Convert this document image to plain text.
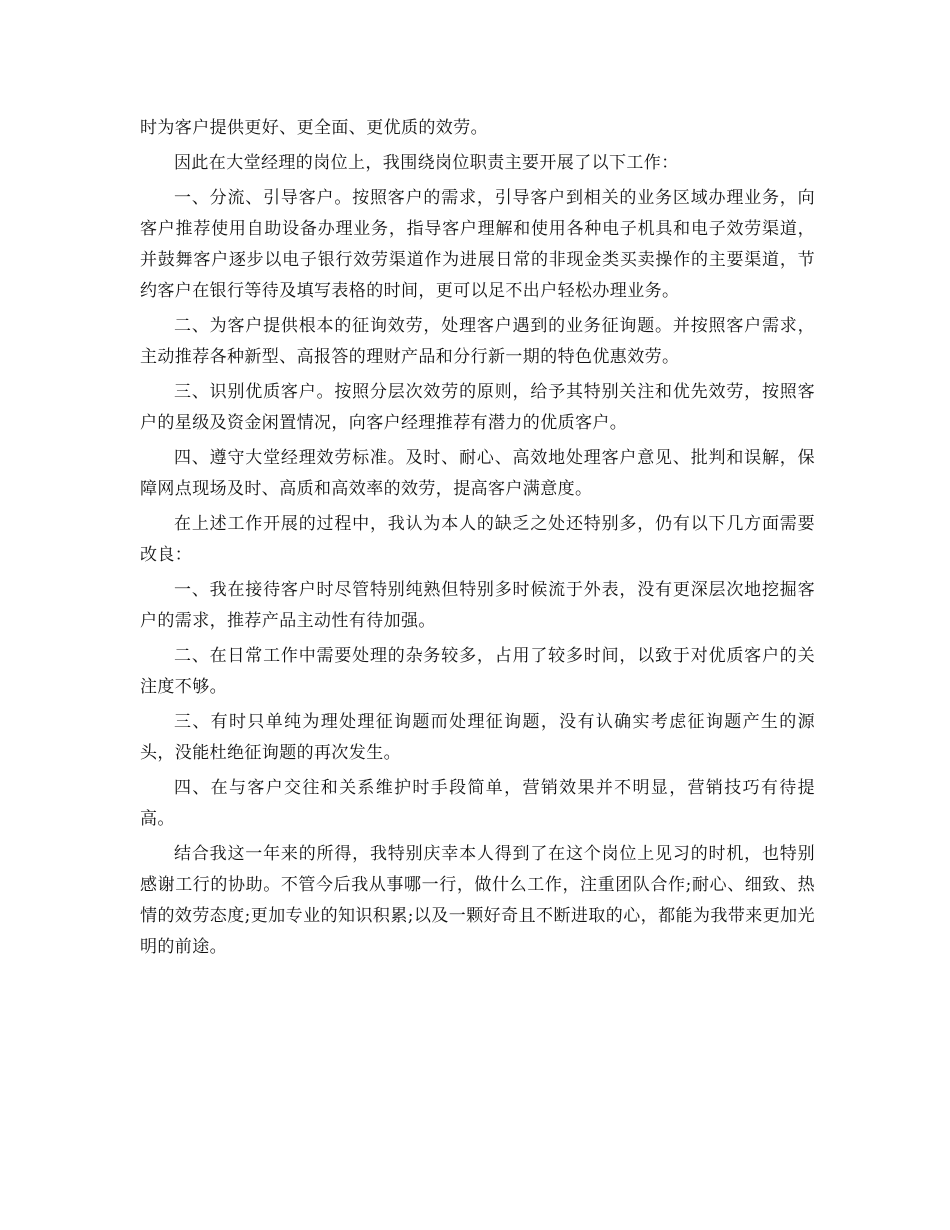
时为客户提供更好、更全面、更优质的效劳。

因此在大堂经理的岗位上，我围绕岗位职责主要开展了以下工作：

一、分流、引导客户。按照客户的需求，引导客户到相关的业务区域办理业务，向客户推荐使用自助设备办理业务，指导客户理解和使用各种电子机具和电子效劳渠道，并鼓舞客户逐步以电子银行效劳渠道作为进展日常的非现金类买卖操作的主要渠道，节约客户在银行等待及填写表格的时间，更可以足不出户轻松办理业务。

二、为客户提供根本的征询效劳，处理客户遇到的业务征询题。并按照客户需求，主动推荐各种新型、高报答的理财产品和分行新一期的特色优惠效劳。

三、识别优质客户。按照分层次效劳的原则，给予其特别关注和优先效劳，按照客户的星级及资金闲置情况，向客户经理推荐有潜力的优质客户。

四、遵守大堂经理效劳标准。及时、耐心、高效地处理客户意见、批判和误解，保障网点现场及时、高质和高效率的效劳，提高客户满意度。

在上述工作开展的过程中，我认为本人的缺乏之处还特别多，仍有以下几方面需要改良：

一、我在接待客户时尽管特别纯熟但特别多时候流于外表，没有更深层次地挖掘客户的需求，推荐产品主动性有待加强。

二、在日常工作中需要处理的杂务较多，占用了较多时间，以致于对优质客户的关注度不够。

三、有时只单纯为理处理征询题而处理征询题，没有认确实考虑征询题产生的源头，没能杜绝征询题的再次发生。

四、在与客户交往和关系维护时手段简单，营销效果并不明显，营销技巧有待提高。

结合我这一年来的所得，我特别庆幸本人得到了在这个岗位上见习的时机，也特别感谢工行的协助。不管今后我从事哪一行，做什么工作，注重团队合作;耐心、细致、热情的效劳态度;更加专业的知识积累;以及一颗好奇且不断进取的心，都能为我带来更加光明的前途。
